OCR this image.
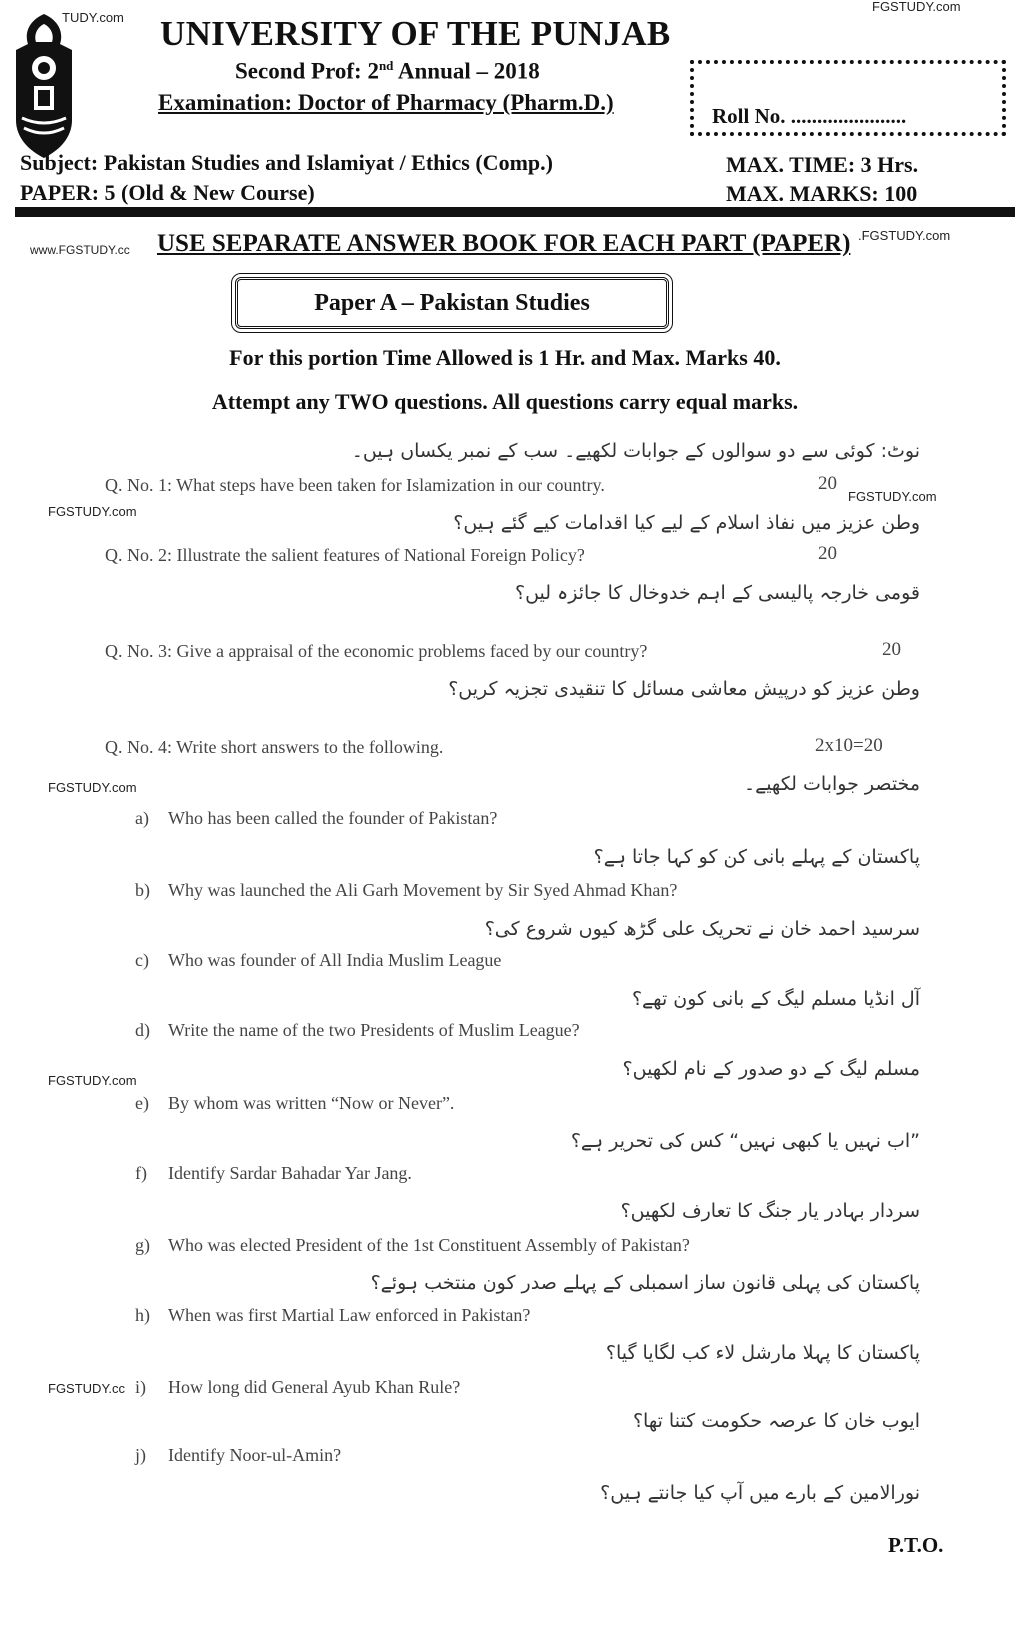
FGSTUDY.com
TUDY.com
www.FGSTUDY.cc
.FGSTUDY.com
FGSTUDY.com
FGSTUDY.com
FGSTUDY.com
FGSTUDY.com
FGSTUDY.cc
UNIVERSITY OF THE PUNJAB
Second Prof: 2nd Annual – 2018
Examination: Doctor of Pharmacy (Pharm.D.)
Roll No. ......................
Subject: Pakistan Studies and Islamiyat / Ethics (Comp.)
PAPER: 5 (Old & New Course)
MAX. TIME: 3 Hrs.
MAX. MARKS: 100
USE SEPARATE ANSWER BOOK FOR EACH PART (PAPER)
Paper A – Pakistan Studies
For this portion Time Allowed is 1 Hr. and Max. Marks 40.
Attempt any TWO questions. All questions carry equal marks.
نوٹ: کوئی سے دو سوالوں کے جوابات لکھیے۔ سب کے نمبر یکساں ہیں۔
Q. No. 1: What steps have been taken for Islamization in our country.	20
وطن عزیز میں نفاذ اسلام کے لیے کیا اقدامات کیے گئے ہیں؟
Q. No. 2: Illustrate the salient features of National Foreign Policy?	20
قومی خارجہ پالیسی کے اہم خدوخال کا جائزہ لیں؟
Q. No. 3: Give a appraisal of the economic problems faced by our country?	20
وطن عزیز کو درپیش معاشی مسائل کا تنقیدی تجزیہ کریں؟
Q. No. 4: Write short answers to the following.	2x10=20
مختصر جوابات لکھیے۔
a) Who has been called the founder of Pakistan?
پاکستان کے پہلے بانی کن کو کہا جاتا ہے؟
b) Why was launched the Ali Garh Movement by Sir Syed Ahmad Khan?
سرسید احمد خان نے تحریک علی گڑھ کیوں شروع کی؟
c) Who was founder of All India Muslim League
آل انڈیا مسلم لیگ کے بانی کون تھے؟
d) Write the name of the two Presidents of Muslim League?
مسلم لیگ کے دو صدور کے نام لکھیں؟
e) By whom was written “Now or Never”.
”اب نہیں یا کبھی نہیں“ کس کی تحریر ہے؟
f) Identify Sardar Bahadar Yar Jang.
سردار بہادر یار جنگ کا تعارف لکھیں؟
g) Who was elected President of the 1st Constituent Assembly of Pakistan?
پاکستان کی پہلی قانون ساز اسمبلی کے پہلے صدر کون منتخب ہوئے؟
h) When was first Martial Law enforced in Pakistan?
پاکستان کا پہلا مارشل لاء کب لگایا گیا؟
i) How long did General Ayub Khan Rule?
ایوب خان کا عرصہ حکومت کتنا تھا؟
j) Identify Noor-ul-Amin?
نورالامین کے بارے میں آپ کیا جانتے ہیں؟
P.T.O.
